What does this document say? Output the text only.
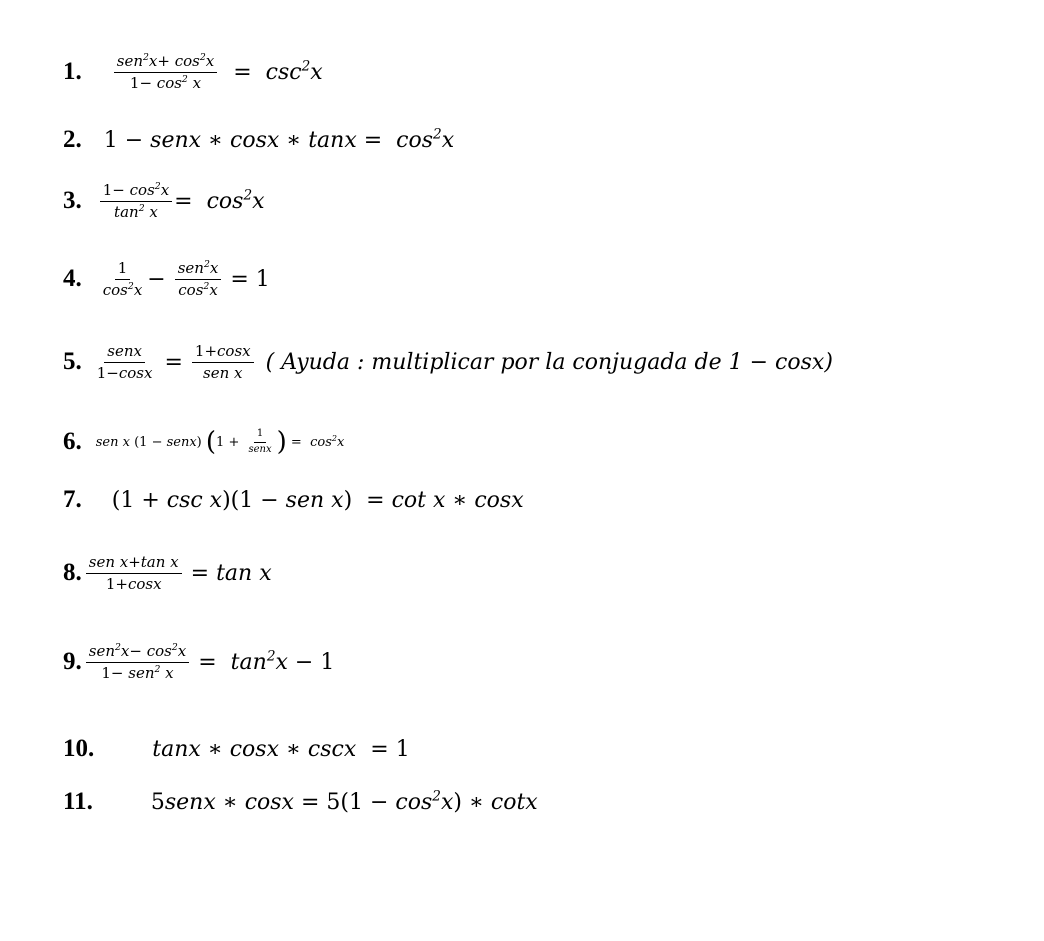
1. $\frac{sen^2x+ \cos^2x}{1- \cos^2 x} = \csc^2x$
2. 1 − senx ∗ cosx ∗ $\tan x = \cos^2x$
3. $\frac{1- \cos^2x}{\tan^2 x} = \cos^2x$
4. $\frac{1}{\cos^2x} - \frac{sen^2x}{\cos^2x} = 1$
5. $\frac{\text{senx}}{1-\cos x} = \frac{1+\cos x}{\text{sen x}}$ ( Ayuda : multiplicar por la conjugada de 1 − cosx)
6. sen x (1 − senx) ( $1 + \frac{1}{\text{senx}}$ ) =  $\cos^2x$
7. (1 + csc x)(1 − sen x) = cot x ∗ cosx
8. $\frac{\text{sen x+tan x}}{1+\cos x} = \tan x$
9. $\frac{sen^2x- \cos^2x}{1- sen^2 x} = \tan^2x - 1$
10.	tanx ∗ cosx ∗ cscx  = 1
11.	5senx ∗ $\cos x = 5(1 - \cos^2x)$ ∗ cotx
